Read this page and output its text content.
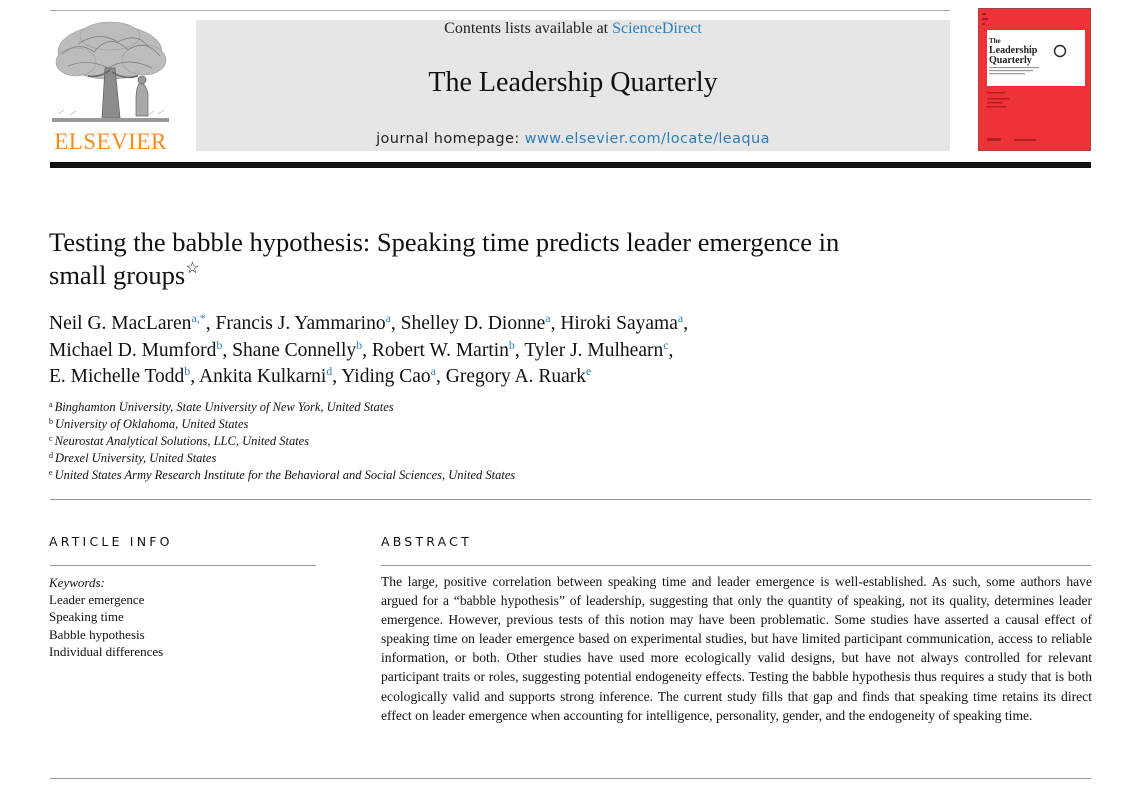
ELSEVIER
Contents lists available at ScienceDirect
The Leadership Quarterly
journal homepage: www.elsevier.com/locate/leaqua
The
Leadership
Quarterly
Testing the babble hypothesis: Speaking time predicts leader emergence in
small groups☆
Neil G. MacLaren$^{a,*}$, Francis J. Yammarino$^a$, Shelley D. Dionne$^a$, Hiroki Sayama$^a$,
Michael D. Mumford$^b$, Shane Connelly$^b$, Robert W. Martin$^b$, Tyler J. Mulhearn$^c$,
E. Michelle Todd$^b$, Ankita Kulkarni$^d$, Yiding Cao$^a$, Gregory A. Ruark$^e$
$^a$ Binghamton University, State University of New York, United States
$^b$ University of Oklahoma, United States
$^c$ Neurostat Analytical Solutions, LLC, United States
$^d$ Drexel University, United States
$^e$ United States Army Research Institute for the Behavioral and Social Sciences, United States
ARTICLE INFO
Keywords:
Leader emergence
Speaking time
Babble hypothesis
Individual differences
ABSTRACT
The large, positive correlation between speaking time and leader emergence is well-established. As such, some authors have argued for a “babble hypothesis” of leadership, suggesting that only the quantity of speaking, not its quality, determines leader emergence. However, previous tests of this notion may have been problematic. Some studies have asserted a causal effect of speaking time on leader emergence based on experimental studies, but have limited participant communication, access to reliable information, or both. Other studies have used more ecologically valid designs, but have not always controlled for relevant participant traits or roles, suggesting potential endogeneity effects. Testing the babble hypothesis thus requires a study that is both ecologically valid and supports strong inference. The current study fills that gap and finds that speaking time retains its direct effect on leader emergence when accounting for intelligence, personality, gender, and the endogeneity of speaking time.
